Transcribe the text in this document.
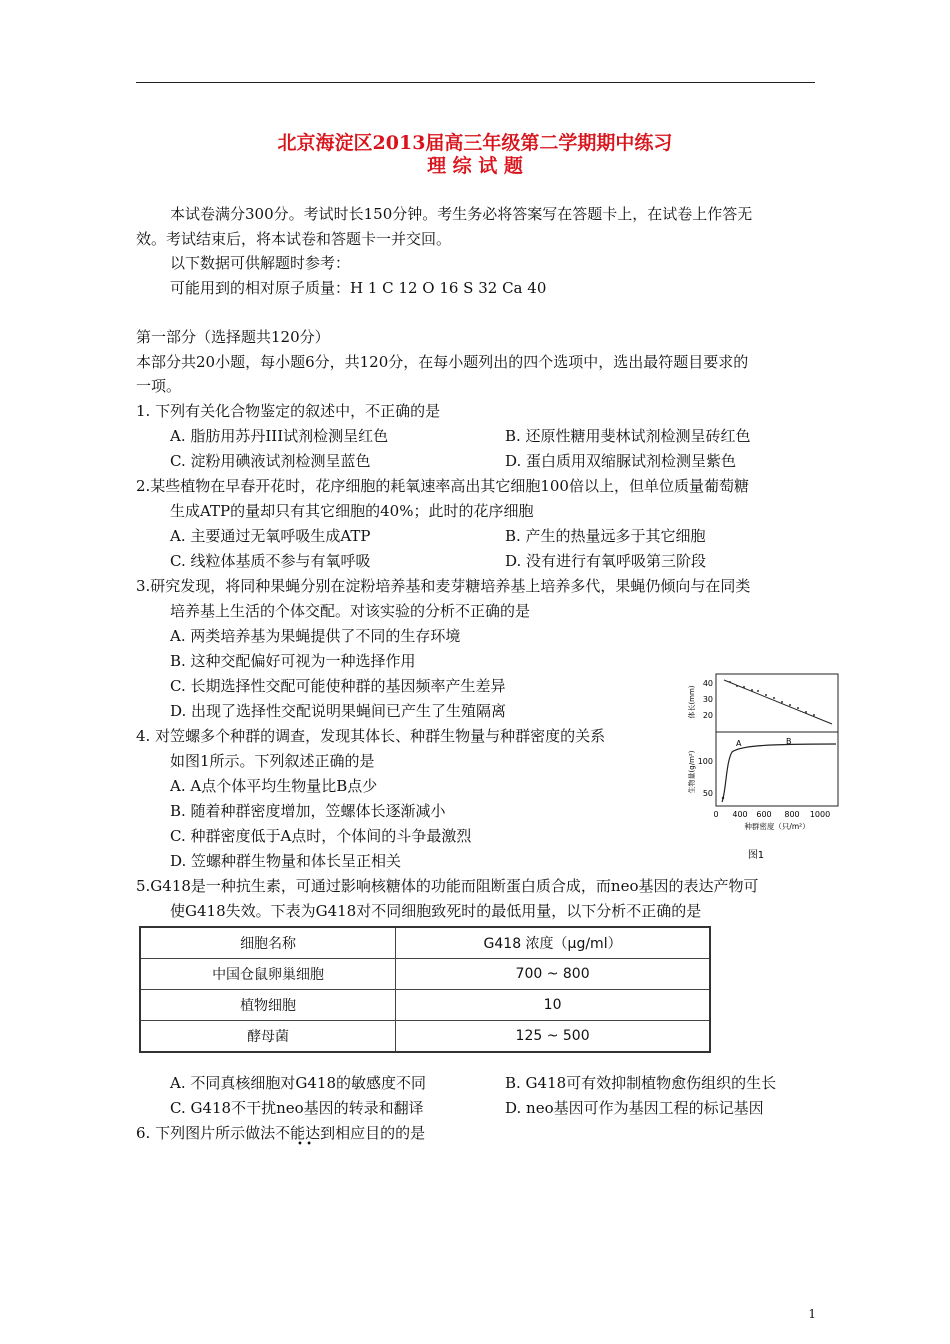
北京海淀区2013届高三年级第二学期期中练习
理 综 试 题
本试卷满分300分。考试时长150分钟。考生务必将答案写在答题卡上，在试卷上作答无
效。考试结束后，将本试卷和答题卡一并交回。
以下数据可供解题时参考：
可能用到的相对原子质量：H 1 C 12 O 16 S 32 Ca 40
第一部分（选择题共120分）
本部分共20小题，每小题6分，共120分，在每小题列出的四个选项中，选出最符题目要求的
一项。
1. 下列有关化合物鉴定的叙述中，不正确的是
A. 脂肪用苏丹III试剂检测呈红色	B. 还原性糖用斐林试剂检测呈砖红色
C. 淀粉用碘液试剂检测呈蓝色	D. 蛋白质用双缩脲试剂检测呈紫色
2.某些植物在早春开花时，花序细胞的耗氧速率高出其它细胞100倍以上，但单位质量葡萄糖
生成ATP的量却只有其它细胞的40%；此时的花序细胞
A. 主要通过无氧呼吸生成ATP	B. 产生的热量远多于其它细胞
C. 线粒体基质不参与有氧呼吸	D. 没有进行有氧呼吸第三阶段
3.研究发现，将同种果蝇分别在淀粉培养基和麦芽糖培养基上培养多代，果蝇仍倾向与在同类
培养基上生活的个体交配。对该实验的分析不正确的是
A. 两类培养基为果蝇提供了不同的生存环境
B. 这种交配偏好可视为一种选择作用
C. 长期选择性交配可能使种群的基因频率产生差异
D. 出现了选择性交配说明果蝇间已产生了生殖隔离
4. 对笠螺多个种群的调查，发现其体长、种群生物量与种群密度的关系
如图1所示。下列叙述正确的是
A. A点个体平均生物量比B点少
B. 随着种群密度增加，笠螺体长逐渐减小
C. 种群密度低于A点时，个体间的斗争最激烈
D. 笠螺种群生物量和体长呈正相关
40
30
20
体长(mm)
100
50
生物量(g/m²)
A	B
0 400 600 800 1000
种群密度（只/m²）
图1
5.G418是一种抗生素，可通过影响核糖体的功能而阻断蛋白质合成，而neo基因的表达产物可
使G418失效。下表为G418对不同细胞致死时的最低用量，以下分析不正确的是
细胞名称	G418 浓度（μg/ml）
中国仓鼠卵巢细胞	700 ~ 800
植物细胞	10
酵母菌	125 ~ 500
A. 不同真核细胞对G418的敏感度不同	B. G418可有效抑制植物愈伤组织的生长
C. G418不干扰neo基因的转录和翻译	D. neo基因可作为基因工程的标记基因
6. 下列图片所示做法不能达到相应目的的是
• •
1
